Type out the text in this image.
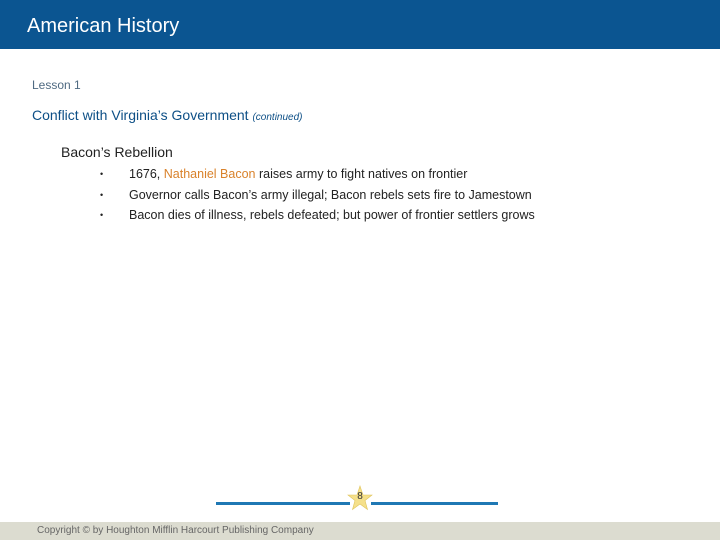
American History
Lesson 1
Conflict with Virginia’s Government (continued)
Bacon’s Rebellion
•	1676, Nathaniel Bacon raises army to fight natives on frontier
•	Governor calls Bacon’s army illegal; Bacon rebels sets fire to Jamestown
•	Bacon dies of illness, rebels defeated; but power of frontier settlers grows
8
Copyright © by Houghton Mifflin Harcourt Publishing Company
